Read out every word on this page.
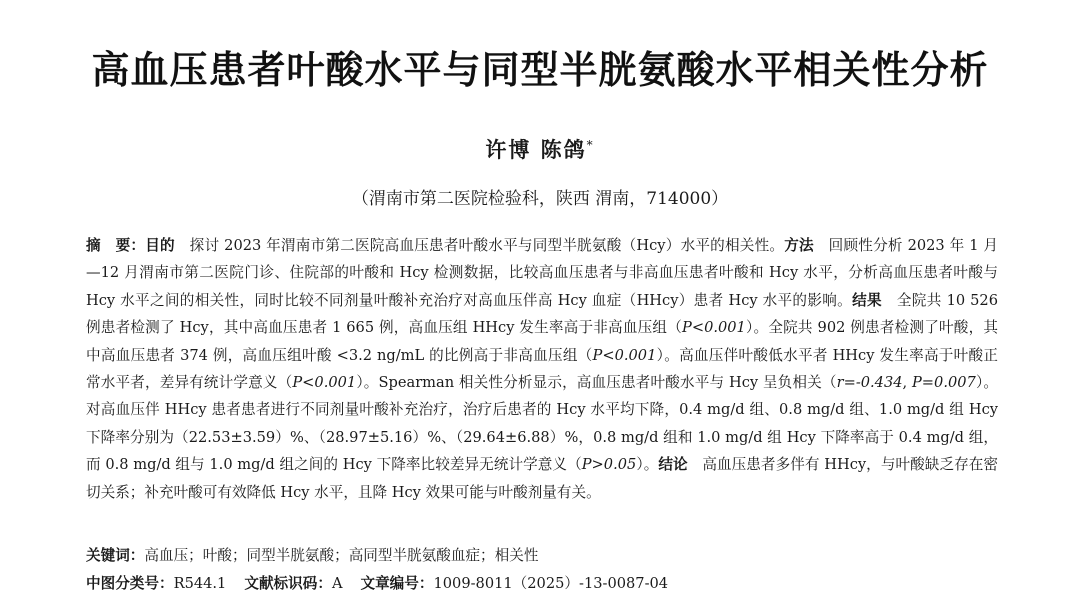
高血压患者叶酸水平与同型半胱氨酸水平相关性分析
许博 陈鸽*
（渭南市第二医院检验科，陕西 渭南，714000）
摘　要：目的　探讨 2023 年渭南市第二医院高血压患者叶酸水平与同型半胱氨酸（Hcy）水平的相关性。方法　回顾性分析 2023 年 1 月—12 月渭南市第二医院门诊、住院部的叶酸和 Hcy 检测数据，比较高血压患者与非高血压患者叶酸和 Hcy 水平，分析高血压患者叶酸与 Hcy 水平之间的相关性，同时比较不同剂量叶酸补充治疗对高血压伴高 Hcy 血症（HHcy）患者 Hcy 水平的影响。结果　全院共 10 526 例患者检测了 Hcy，其中高血压患者 1 665 例，高血压组 HHcy 发生率高于非高血压组（P<0.001）。全院共 902 例患者检测了叶酸，其中高血压患者 374 例，高血压组叶酸 <3.2 ng/mL 的比例高于非高血压组（P<0.001）。高血压伴叶酸低水平者 HHcy 发生率高于叶酸正常水平者，差异有统计学意义（P<0.001）。Spearman 相关性分析显示，高血压患者叶酸水平与 Hcy 呈负相关（r=-0.434, P=0.007）。对高血压伴 HHcy 患者患者进行不同剂量叶酸补充治疗，治疗后患者的 Hcy 水平均下降，0.4 mg/d 组、0.8 mg/d 组、1.0 mg/d 组 Hcy 下降率分别为（22.53±3.59）%、（28.97±5.16）%、（29.64±6.88）%，0.8 mg/d 组和 1.0 mg/d 组 Hcy 下降率高于 0.4 mg/d 组，而 0.8 mg/d 组与 1.0 mg/d 组之间的 Hcy 下降率比较差异无统计学意义（P>0.05）。结论　高血压患者多伴有 HHcy，与叶酸缺乏存在密切关系；补充叶酸可有效降低 Hcy 水平，且降 Hcy 效果可能与叶酸剂量有关。
关键词：高血压；叶酸；同型半胱氨酸；高同型半胱氨酸血症；相关性
中图分类号：R544.1 文献标识码：A 文章编号：1009-8011（2025）-13-0087-04
